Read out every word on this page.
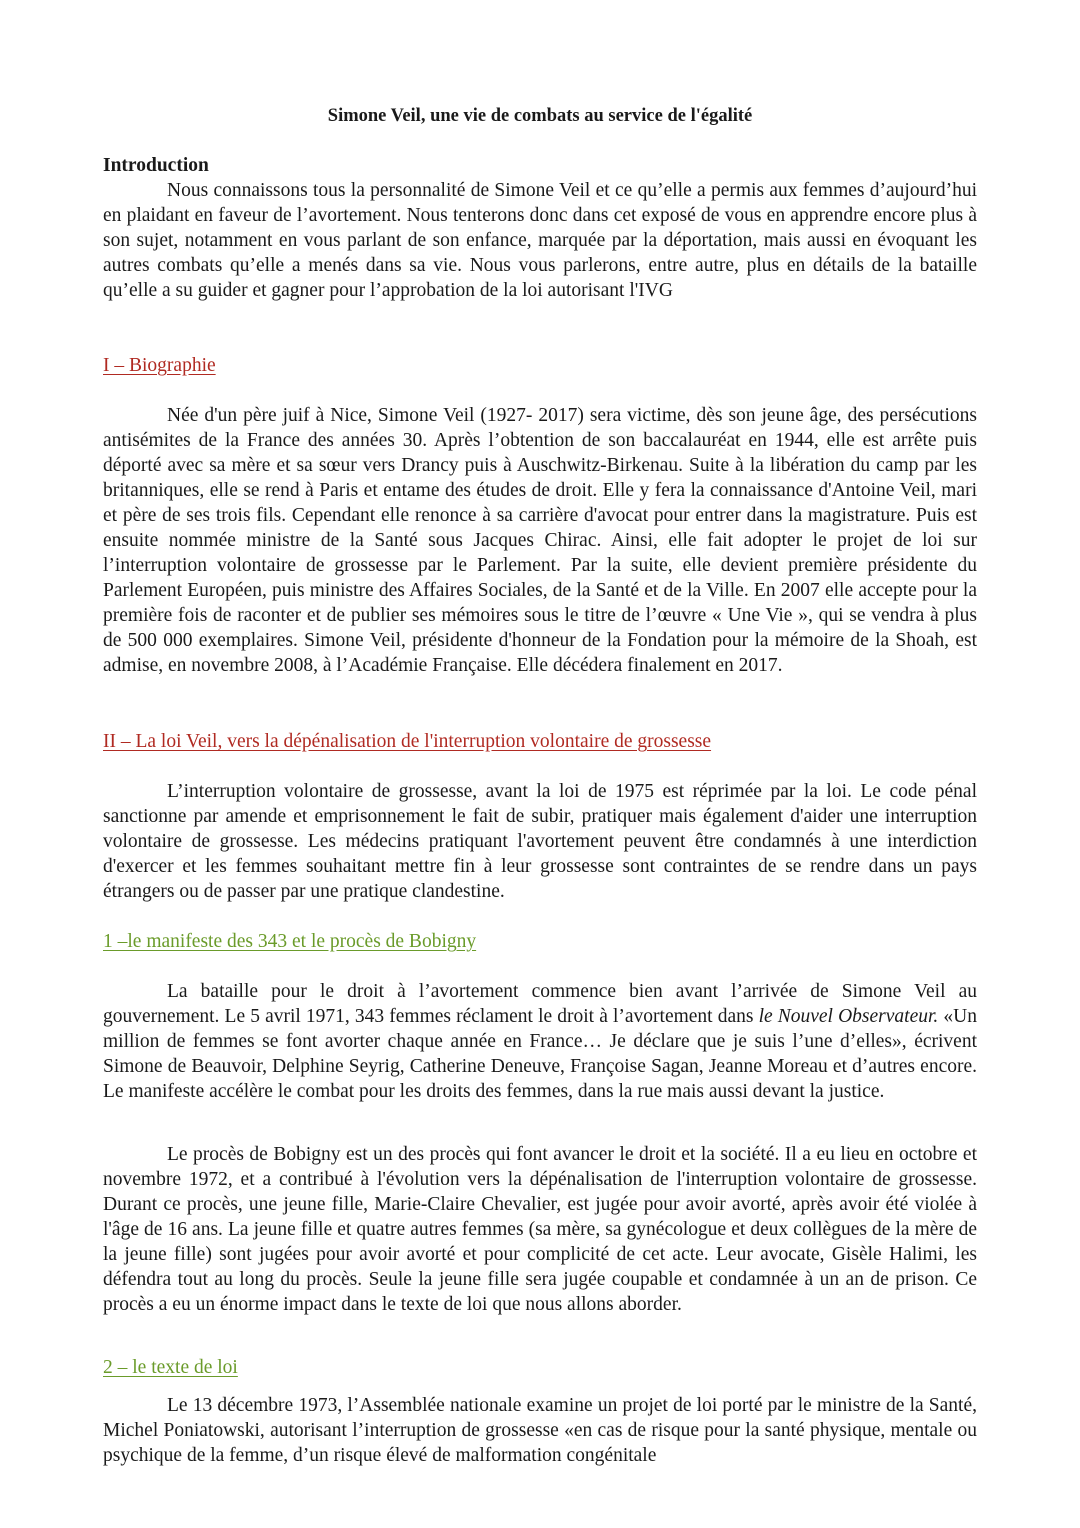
Simone Veil, une vie de combats au service de l'égalité
Introduction

Nous connaissons tous la personnalité de Simone Veil et ce qu’elle a permis aux femmes d’aujourd’hui en plaidant en faveur de l’avortement. Nous tenterons donc dans cet exposé de vous en apprendre encore plus à son sujet, notamment en vous parlant de son enfance, marquée par la déportation, mais aussi en évoquant les autres combats qu’elle a menés dans sa vie. Nous vous parlerons, entre autre, plus en détails de la bataille qu’elle a su guider et gagner pour l’approbation de la loi autorisant l'IVG

I – Biographie

Née d'un père juif à Nice, Simone Veil (1927- 2017) sera victime, dès son jeune âge, des persécutions antisémites de la France des années 30. Après l’obtention de son baccalauréat en 1944, elle est arrête puis déporté avec sa mère et sa sœur vers Drancy puis à Auschwitz-Birkenau. Suite à la libération du camp par les britanniques, elle se rend à Paris et entame des études de droit. Elle y fera la connaissance d'Antoine Veil, mari et père de ses trois fils. Cependant elle renonce à sa carrière d'avocat pour entrer dans la magistrature. Puis est ensuite nommée ministre de la Santé sous Jacques Chirac. Ainsi, elle fait adopter le projet de loi sur l’interruption volontaire de grossesse par le Parlement. Par la suite, elle devient première présidente du Parlement Européen, puis ministre des Affaires Sociales, de la Santé et de la Ville. En 2007 elle accepte pour la première fois de raconter et de publier ses mémoires sous le titre de l’œuvre « Une Vie », qui se vendra à plus de 500 000 exemplaires. Simone Veil, présidente d'honneur de la Fondation pour la mémoire de la Shoah, est admise, en novembre 2008, à l’Académie Française. Elle décédera finalement en 2017.

II – La loi Veil, vers la dépénalisation de l'interruption volontaire de grossesse

L’interruption volontaire de grossesse, avant la loi de 1975 est réprimée par la loi. Le code pénal sanctionne par amende et emprisonnement le fait de subir, pratiquer mais également d'aider une interruption volontaire de grossesse. Les médecins pratiquant l'avortement peuvent être condamnés à une interdiction d'exercer et les femmes souhaitant mettre fin à leur grossesse sont contraintes de se rendre dans un pays étrangers ou de passer par une pratique clandestine.

1 –le manifeste des 343 et le procès de Bobigny

La bataille pour le droit à l’avortement commence bien avant l’arrivée de Simone Veil au gouvernement. Le 5 avril 1971, 343 femmes réclament le droit à l’avortement dans le Nouvel Observateur. «Un million de femmes se font avorter chaque année en France… Je déclare que je suis l’une d’elles», écrivent Simone de Beauvoir, Delphine Seyrig, Catherine Deneuve, Françoise Sagan, Jeanne Moreau et d’autres encore. Le manifeste accélère le combat pour les droits des femmes, dans la rue mais aussi devant la justice.

Le procès de Bobigny est un des procès qui font avancer le droit et la société. Il a eu lieu en octobre et novembre 1972, et a contribué à l'évolution vers la dépénalisation de l'interruption volontaire de grossesse. Durant ce procès, une jeune fille, Marie-Claire Chevalier, est jugée pour avoir avorté, après avoir été violée à l'âge de 16 ans. La jeune fille et quatre autres femmes (sa mère, sa gynécologue et deux collègues de la mère de la jeune fille) sont jugées pour avoir avorté et pour complicité de cet acte. Leur avocate, Gisèle Halimi, les défendra tout au long du procès. Seule la jeune fille sera jugée coupable et condamnée à un an de prison. Ce procès a eu un énorme impact dans le texte de loi que nous allons aborder.

2 – le texte de loi

Le 13 décembre 1973, l’Assemblée nationale examine un projet de loi porté par le ministre de la Santé, Michel Poniatowski, autorisant l’interruption de grossesse «en cas de risque pour la santé physique, mentale ou psychique de la femme, d’un risque élevé de malformation congénitale
